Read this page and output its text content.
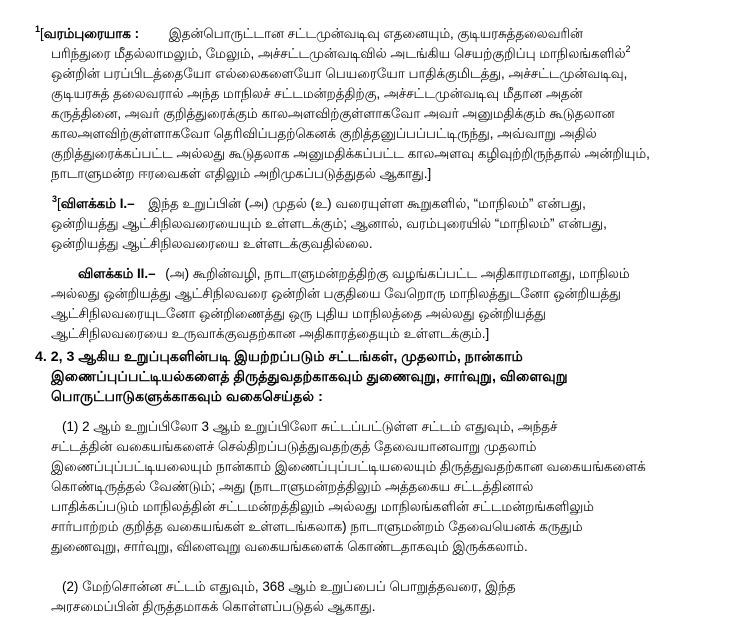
$^1$[வரம்புரையாக : இதன்பொருட்டான சட்டமுன்வடிவு எதனையும், குடியரசுத்தலைவரின்
பரிந்துரை மீதல்லாமலும், மேலும், அச்சட்டமுன்வடிவில் அடங்கிய செயற்குறிப்பு மாநிலங்களில்$^2$
ஒன்றின் பரப்பிடத்தையோ எல்லைகளையோ பெயரையோ பாதிக்குமிடத்து, அச்சட்டமுன்வடிவு,
குடியரசுத் தலைவரால் அந்த மாநிலச் சட்டமன்றத்திற்கு, அச்சட்டமுன்வடிவு மீதான அதன்
கருத்தினை, அவர் குறித்துரைக்கும் காலஅளவிற்குள்ளாகவோ அவர் அனுமதிக்கும் கூடுதலான
காலஅளவிற்குள்ளாகவோ தெரிவிப்பதற்கெனக் குறித்தனுப்பப்பட்டிருந்து, அவ்வாறு அதில்
குறித்துரைக்கப்பட்ட அல்லது கூடுதலாக அனுமதிக்கப்பட்ட காலஅளவு கழிவுற்றிருந்தால் அன்றியும்,
நாடாளுமன்ற ஈரவைகள் எதிலும் அறிமுகப்படுத்துதல் ஆகாது.]
$^3$[விளக்கம் I.– இந்த உறுப்பின் (அ) முதல் (உ) வரையுள்ள கூறுகளில், “மாநிலம்” என்பது,
ஒன்றியத்து ஆட்சிநிலவரையையும் உள்ளடக்கும்; ஆனால், வரம்புரையில் “மாநிலம்” என்பது,
ஒன்றியத்து ஆட்சிநிலவரையை உள்ளடக்குவதில்லை.
விளக்கம் II.– (அ) கூறின்வழி, நாடாளுமன்றத்திற்கு வழங்கப்பட்ட அதிகாரமானது, மாநிலம்
அல்லது ஒன்றியத்து ஆட்சிநிலவரை ஒன்றின் பகுதியை வேறொரு மாநிலத்துடனோ ஒன்றியத்து
ஆட்சிநிலவரையுடனோ ஒன்றிணைத்து ஒரு புதிய மாநிலத்தை அல்லது ஒன்றியத்து
ஆட்சிநிலவரையை உருவாக்குவதற்கான அதிகாரத்தையும் உள்ளடக்கும்.]
4. 2, 3 ஆகிய உறுப்புகளின்படி இயற்றப்படும் சட்டங்கள், முதலாம், நான்காம்
இணைப்புப்பட்டியல்களைத் திருத்துவதற்காகவும் துணைவுறு, சார்வுறு, விளைவுறு
பொருட்பாடுகளுக்காகவும் வகைசெய்தல் :
(1) 2 ஆம் உறுப்பிலோ 3 ஆம் உறுப்பிலோ சுட்டப்பட்டுள்ள சட்டம் எதுவும், அந்தச்
சட்டத்தின் வகையங்களைச் செல்திறப்படுத்துவதற்குத் தேவையானவாறு முதலாம்
இணைப்புப்பட்டியலையும் நான்காம் இணைப்புப்பட்டியலையும் திருத்துவதற்கான வகையங்களைக்
கொண்டிருத்தல் வேண்டும்; அது (நாடாளுமன்றத்திலும் அத்தகைய சட்டத்தினால்
பாதிக்கப்படும் மாநிலத்தின் சட்டமன்றத்திலும் அல்லது மாநிலங்களின் சட்டமன்றங்களிலும்
சார்பாற்றம் குறித்த வகையங்கள் உள்ளடங்கலாக) நாடாளுமன்றம் தேவையெனக் கருதும்
துணைவுறு, சார்வுறு, விளைவுறு வகையங்களைக் கொண்டதாகவும் இருக்கலாம்.
(2) மேற்சொன்ன சட்டம் எதுவும், 368 ஆம் உறுப்பைப் பொறுத்தவரை, இந்த
அரசமைப்பின் திருத்தமாகக் கொள்ளப்படுதல் ஆகாது.
